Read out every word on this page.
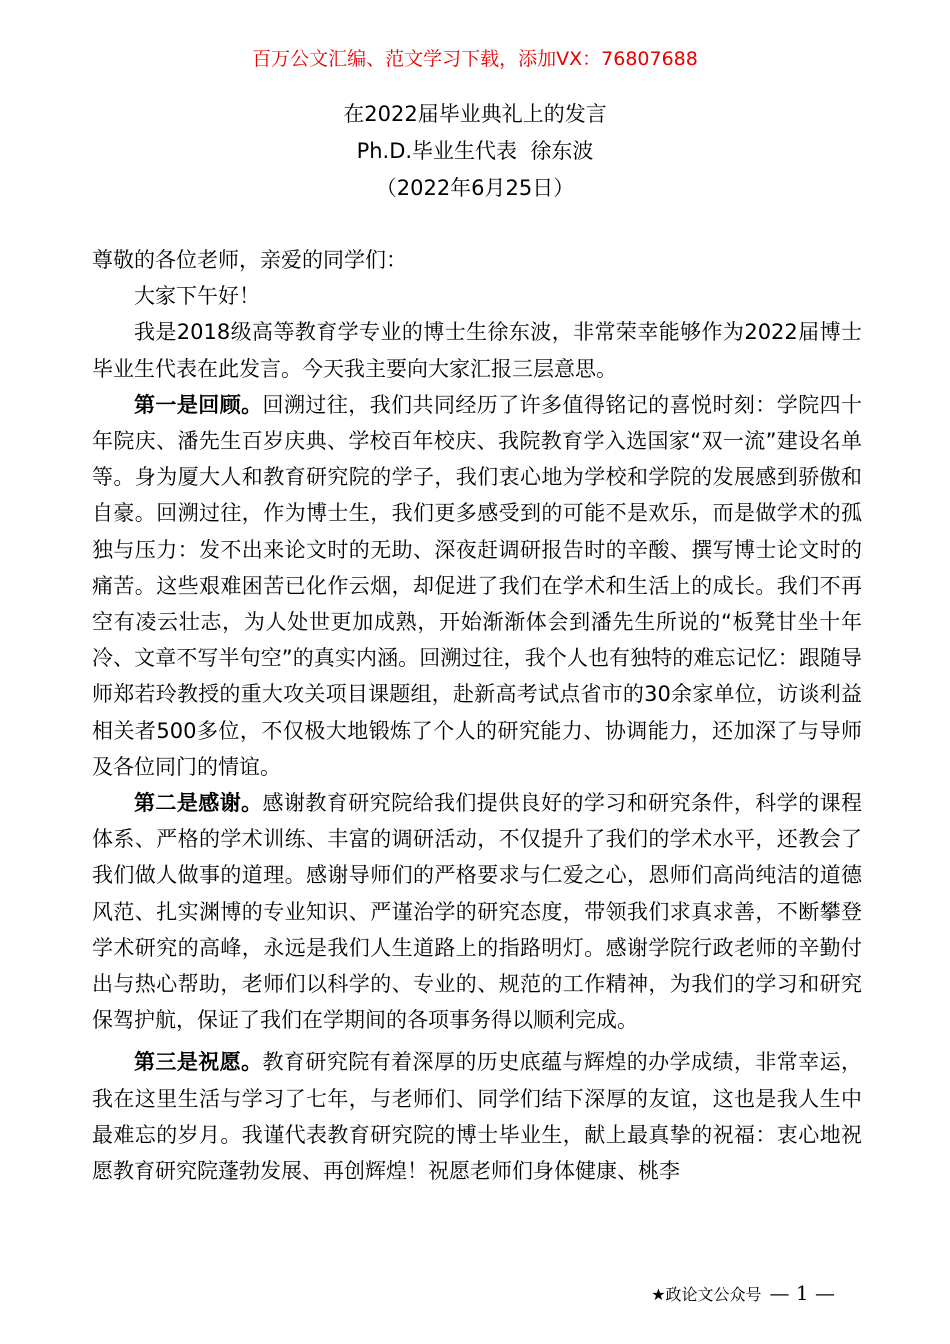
百万公文汇编、范文学习下载，添加VX：76807688
在2022届毕业典礼上的发言
Ph.D.毕业生代表  徐东波
（2022年6月25日）

尊敬的各位老师，亲爱的同学们：

大家下午好！

我是2018级高等教育学专业的博士生徐东波，非常荣幸能够作为2022届博士毕业生代表在此发言。今天我主要向大家汇报三层意思。

第一是回顾。回溯过往，我们共同经历了许多值得铭记的喜悦时刻：学院四十年院庆、潘先生百岁庆典、学校百年校庆、我院教育学入选国家“双一流”建设名单等。身为厦大人和教育研究院的学子，我们衷心地为学校和学院的发展感到骄傲和自豪。回溯过往，作为博士生，我们更多感受到的可能不是欢乐，而是做学术的孤独与压力：发不出来论文时的无助、深夜赶调研报告时的辛酸、撰写博士论文时的痛苦。这些艰难困苦已化作云烟，却促进了我们在学术和生活上的成长。我们不再空有凌云壮志，为人处世更加成熟，开始渐渐体会到潘先生所说的“板凳甘坐十年冷、文章不写半句空”的真实内涵。回溯过往，我个人也有独特的难忘记忆：跟随导师郑若玲教授的重大攻关项目课题组，赴新高考试点省市的30余家单位，访谈利益相关者500多位，不仅极大地锻炼了个人的研究能力、协调能力，还加深了与导师及各位同门的情谊。

第二是感谢。感谢教育研究院给我们提供良好的学习和研究条件，科学的课程体系、严格的学术训练、丰富的调研活动，不仅提升了我们的学术水平，还教会了我们做人做事的道理。感谢导师们的严格要求与仁爱之心，恩师们高尚纯洁的道德风范、扎实渊博的专业知识、严谨治学的研究态度，带领我们求真求善，不断攀登学术研究的高峰，永远是我们人生道路上的指路明灯。感谢学院行政老师的辛勤付出与热心帮助，老师们以科学的、专业的、规范的工作精神，为我们的学习和研究保驾护航，保证了我们在学期间的各项事务得以顺利完成。

第三是祝愿。教育研究院有着深厚的历史底蕴与辉煌的办学成绩，非常幸运，我在这里生活与学习了七年，与老师们、同学们结下深厚的友谊，这也是我人生中最难忘的岁月。我谨代表教育研究院的博士毕业生，献上最真挚的祝福：衷心地祝愿教育研究院蓬勃发展、再创辉煌！祝愿老师们身体健康、桃李

★政论文公众号 — 1 —
